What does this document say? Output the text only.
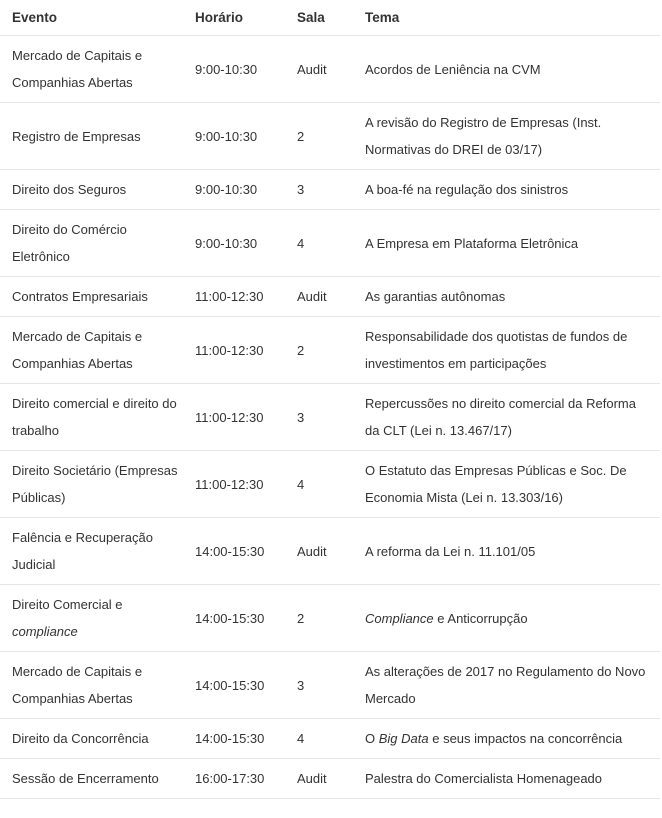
Evento	Horário	Sala	Tema
Mercado de Capitais e Companhias Abertas	9:00-10:30	Audit	Acordos de Leniência na CVM
Registro de Empresas	9:00-10:30	2	A revisão do Registro de Empresas (Inst. Normativas do DREI de 03/17)
Direito dos Seguros	9:00-10:30	3	A boa-fé na regulação dos sinistros
Direito do Comércio Eletrônico	9:00-10:30	4	A Empresa em Plataforma Eletrônica
Contratos Empresariais	11:00-12:30	Audit	As garantias autônomas
Mercado de Capitais e Companhias Abertas	11:00-12:30	2	Responsabilidade dos quotistas de fundos de investimentos em participações
Direito comercial e direito do trabalho	11:00-12:30	3	Repercussões no direito comercial da Reforma da CLT (Lei n. 13.467/17)
Direito Societário (Empresas Públicas)	11:00-12:30	4	O Estatuto das Empresas Públicas e Soc. De Economia Mista (Lei n. 13.303/16)
Falência e Recuperação Judicial	14:00-15:30	Audit	A reforma da Lei n. 11.101/05
Direito Comercial e compliance	14:00-15:30	2	Compliance e Anticorrupção
Mercado de Capitais e Companhias Abertas	14:00-15:30	3	As alterações de 2017 no Regulamento do Novo Mercado
Direito da Concorrência	14:00-15:30	4	O Big Data e seus impactos na concorrência
Sessão de Encerramento	16:00-17:30	Audit	Palestra do Comercialista Homenageado
